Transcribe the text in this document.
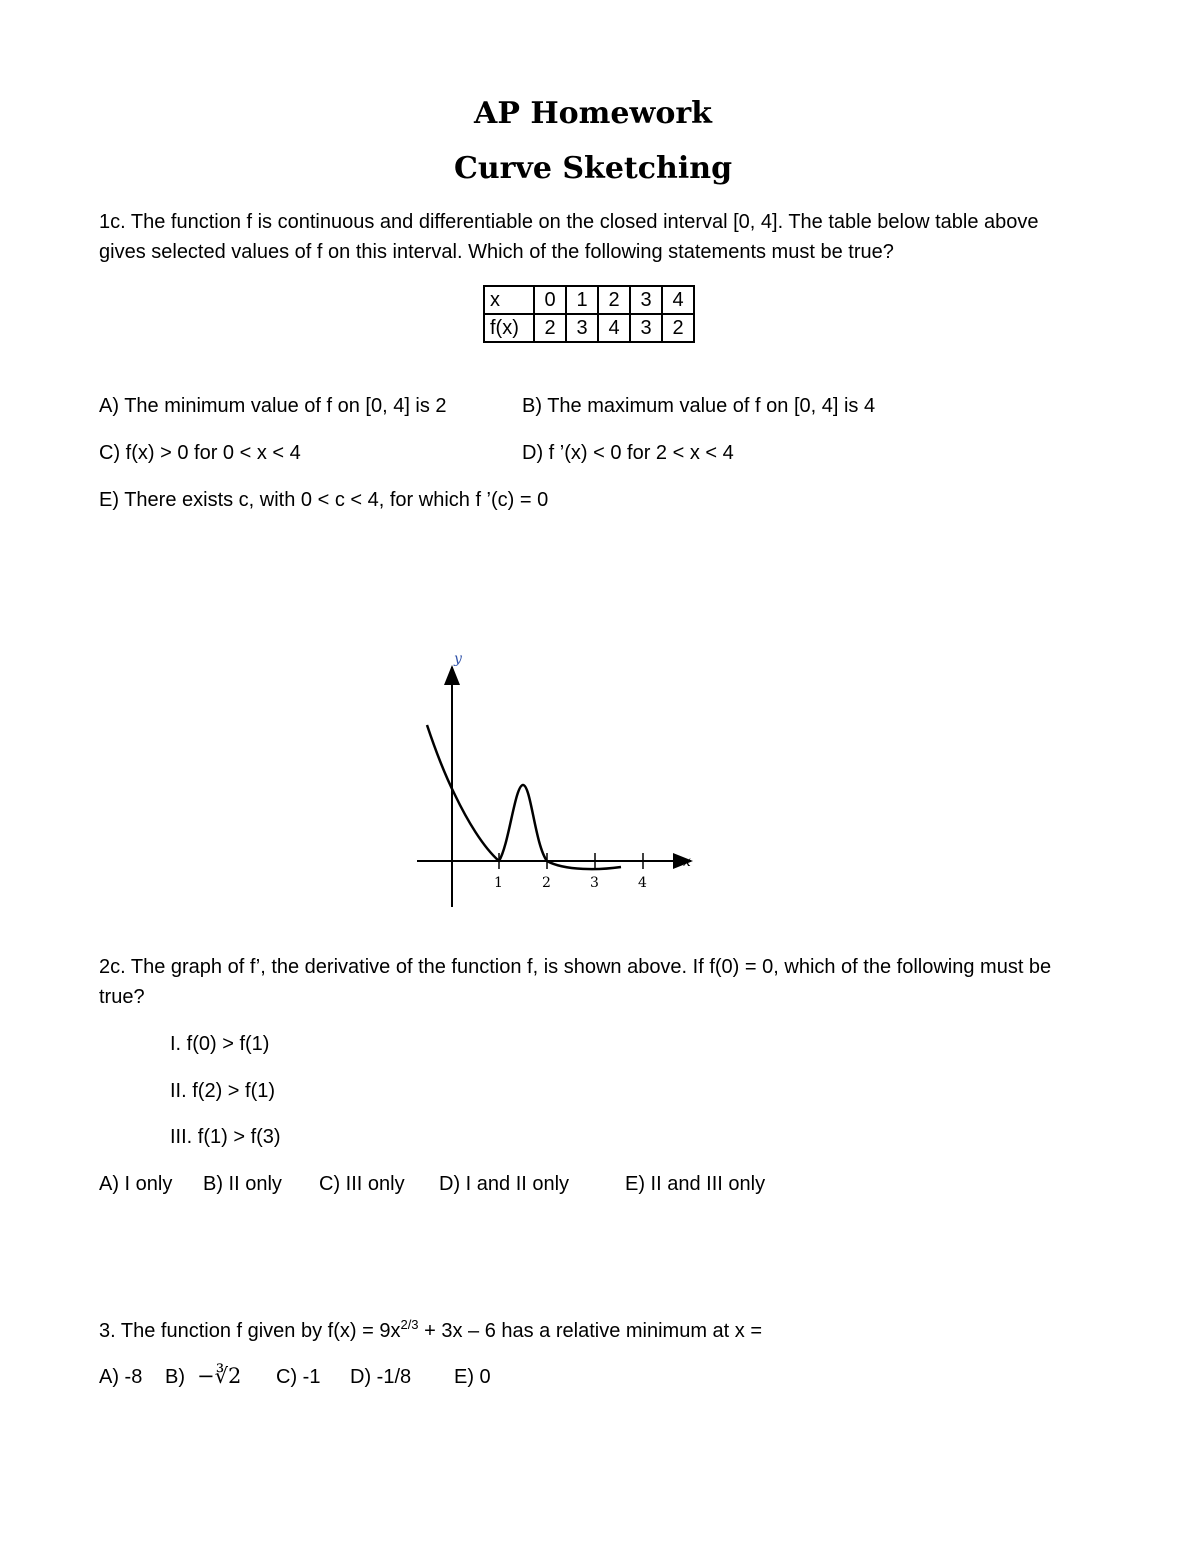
AP Homework
Curve Sketching
1c. The function f is continuous and differentiable on the closed interval [0, 4]. The table below table above gives selected values of f on this interval. Which of the following statements must be true?
x	0	1	2	3	4
f(x)	2	3	4	3	2
A) The minimum value of f on [0, 4] is 2	B) The maximum value of f on [0, 4] is 4
C) f(x) > 0 for 0 < x < 4	D) f ’(x) < 0 for 2 < x < 4
E) There exists c, with 0 < c < 4, for which f ’(c) = 0
y
x
1	2	3	4
2c. The graph of f’, the derivative of the function f, is shown above. If f(0) = 0, which of the following must be true?
I. f(0) > f(1)
II. f(2) > f(1)
III. f(1) > f(3)
A) I only B) II only C) III only D) I and II only	E) II and III only
3. The function f given by $f(x) = 9x^{2/3} + 3x - 6$ has a relative minimum at x =
A) -8 B) −∛2 C) -1 D) -1/8 E) 0
